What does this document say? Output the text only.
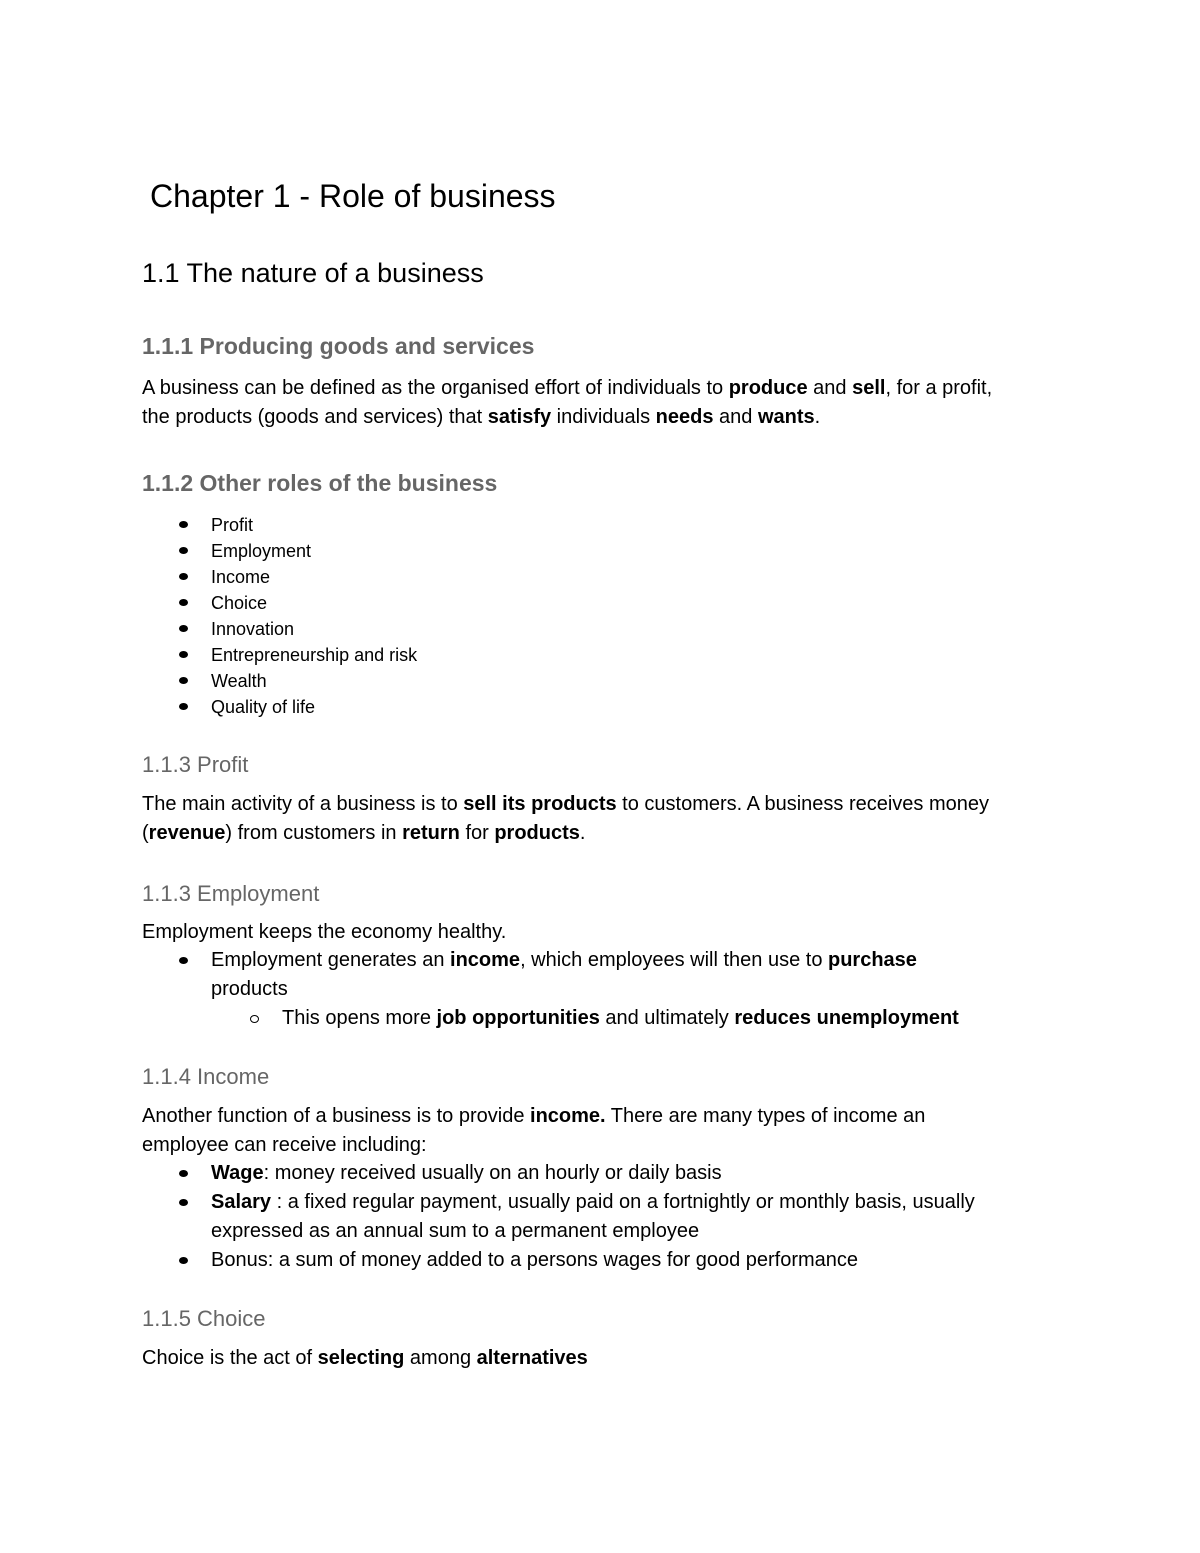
Chapter 1 - Role of business
1.1 The nature of a business
1.1.1 Producing goods and services

A business can be defined as the organised effort of individuals to produce and sell, for a profit,
the products (goods and services) that satisfy individuals needs and wants.

1.1.2 Other roles of the business
Profit
Employment
Income
Choice
Innovation
Entrepreneurship and risk
Wealth
Quality of life
1.1.3 Profit

The main activity of a business is to sell its products to customers. A business receives money
(revenue) from customers in return for products.

1.1.3 Employment

Employment keeps the economy healthy.

Employment generates an income, which employees will then use to purchase
products
This opens more job opportunities and ultimately reduces unemployment
1.1.4 Income

Another function of a business is to provide income. There are many types of income an
employee can receive including:

Wage: money received usually on an hourly or daily basis
Salary : a fixed regular payment, usually paid on a fortnightly or monthly basis, usually
expressed as an annual sum to a permanent employee
Bonus: a sum of money added to a persons wages for good performance
1.1.5 Choice

Choice is the act of selecting among alternatives
